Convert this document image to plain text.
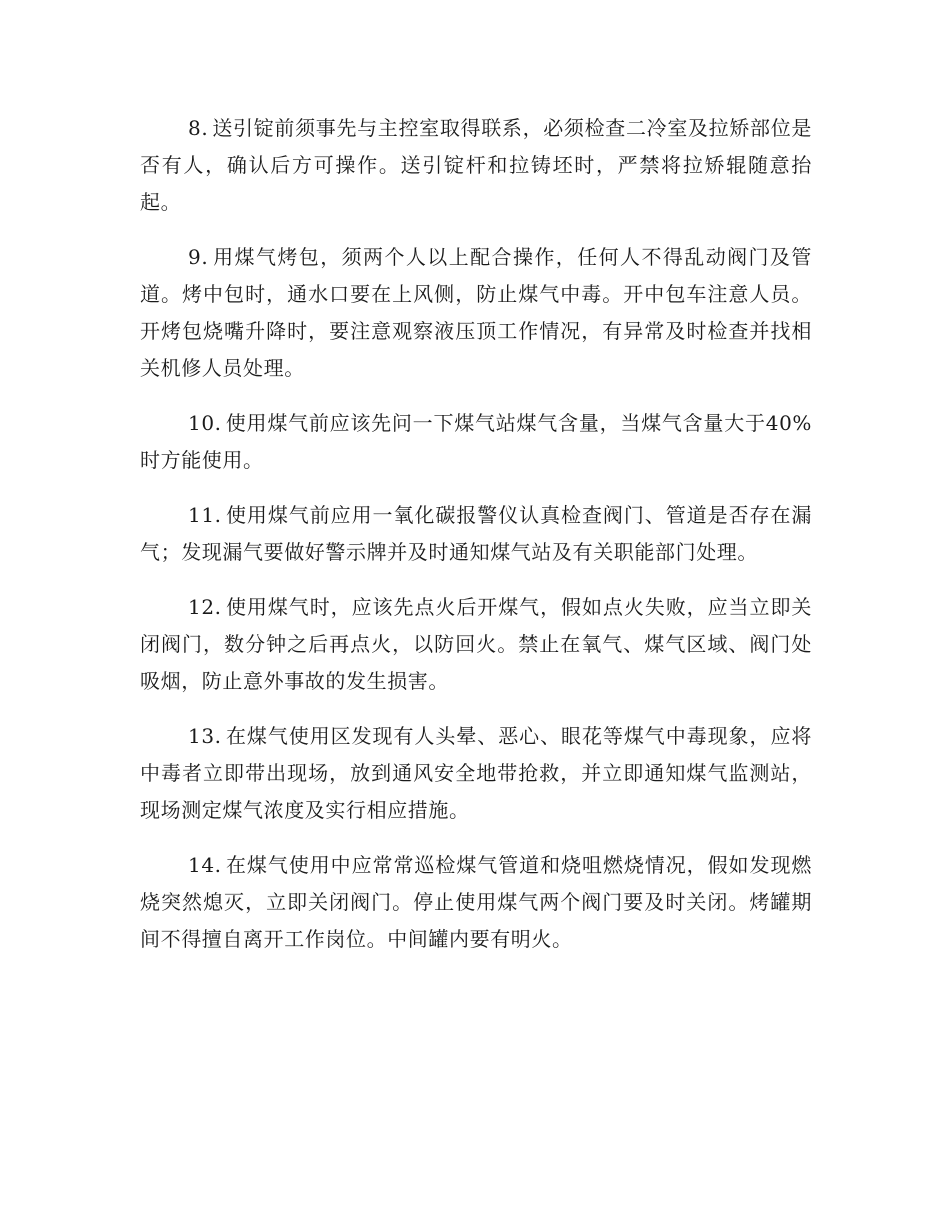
8. 送引锭前须事先与主控室取得联系，必须检查二冷室及拉矫部位是否有人，确认后方可操作。送引锭杆和拉铸坯时，严禁将拉矫辊随意抬起。

9. 用煤气烤包，须两个人以上配合操作，任何人不得乱动阀门及管道。烤中包时，通水口要在上风侧，防止煤气中毒。开中包车注意人员。开烤包烧嘴升降时，要注意观察液压顶工作情况，有异常及时检查并找相关机修人员处理。

10. 使用煤气前应该先问一下煤气站煤气含量，当煤气含量大于40%时方能使用。

11. 使用煤气前应用一氧化碳报警仪认真检查阀门、管道是否存在漏气；发现漏气要做好警示牌并及时通知煤气站及有关职能部门处理。

12. 使用煤气时，应该先点火后开煤气，假如点火失败，应当立即关闭阀门，数分钟之后再点火，以防回火。禁止在氧气、煤气区域、阀门处吸烟，防止意外事故的发生损害。

13. 在煤气使用区发现有人头晕、恶心、眼花等煤气中毒现象，应将中毒者立即带出现场，放到通风安全地带抢救，并立即通知煤气监测站，现场测定煤气浓度及实行相应措施。

14. 在煤气使用中应常常巡检煤气管道和烧咀燃烧情况，假如发现燃烧突然熄灭，立即关闭阀门。停止使用煤气两个阀门要及时关闭。烤罐期间不得擅自离开工作岗位。中间罐内要有明火。
